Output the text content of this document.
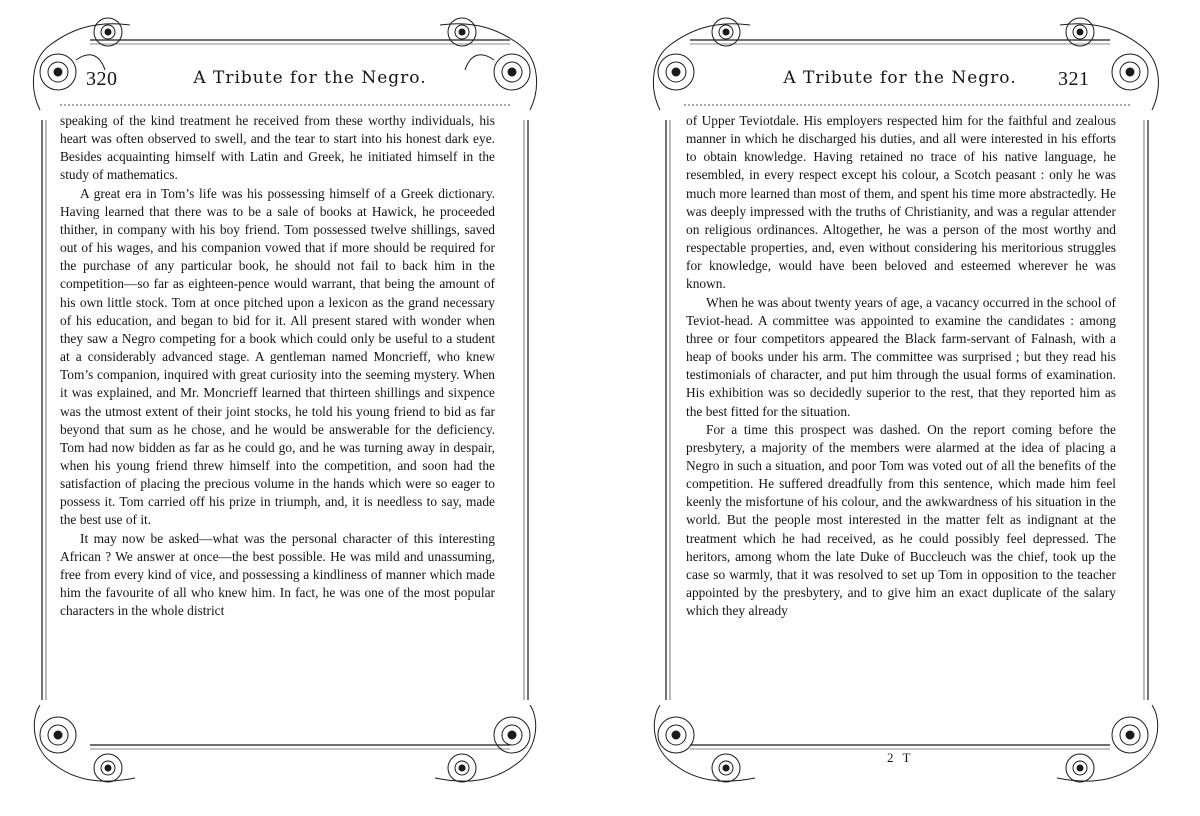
320	A Tribute for the Negro.

speaking of the kind treatment he received from these worthy individuals, his heart was often observed to swell, and the tear to start into his honest dark eye. Besides acquainting himself with Latin and Greek, he initiated himself in the study of mathematics.

A great era in Tom’s life was his possessing himself of a Greek dictionary. Having learned that there was to be a sale of books at Hawick, he proceeded thither, in company with his boy friend. Tom possessed twelve shillings, saved out of his wages, and his companion vowed that if more should be required for the purchase of any particular book, he should not fail to back him in the competition—so far as eighteen-pence would warrant, that being the amount of his own little stock. Tom at once pitched upon a lexicon as the grand necessary of his education, and began to bid for it. All present stared with wonder when they saw a Negro competing for a book which could only be useful to a student at a considerably advanced stage. A gentleman named Moncrieff, who knew Tom’s companion, inquired with great curiosity into the seeming mystery. When it was explained, and Mr. Moncrieff learned that thirteen shillings and sixpence was the utmost extent of their joint stocks, he told his young friend to bid as far beyond that sum as he chose, and he would be answerable for the deficiency. Tom had now bidden as far as he could go, and he was turning away in despair, when his young friend threw himself into the competition, and soon had the satisfaction of placing the precious volume in the hands which were so eager to possess it. Tom carried off his prize in triumph, and, it is needless to say, made the best use of it.

It may now be asked—what was the personal character of this interesting African ? We answer at once—the best possible. He was mild and unassuming, free from every kind of vice, and possessing a kindliness of manner which made him the favourite of all who knew him. In fact, he was one of the most popular characters in the whole district

A Tribute for the Negro.	321

of Upper Teviotdale. His employers respected him for the faithful and zealous manner in which he discharged his duties, and all were interested in his efforts to obtain knowledge. Having retained no trace of his native language, he resembled, in every respect except his colour, a Scotch peasant : only he was much more learned than most of them, and spent his time more abstractedly. He was deeply impressed with the truths of Christianity, and was a regular attender on religious ordinances. Altogether, he was a person of the most worthy and respectable properties, and, even without considering his meritorious struggles for knowledge, would have been beloved and esteemed wherever he was known.

When he was about twenty years of age, a vacancy occurred in the school of Teviot-head. A committee was appointed to examine the candidates : among three or four competitors appeared the Black farm-servant of Falnash, with a heap of books under his arm. The committee was surprised ; but they read his testimonials of character, and put him through the usual forms of examination. His exhibition was so decidedly superior to the rest, that they reported him as the best fitted for the situation.

For a time this prospect was dashed. On the report coming before the presbytery, a majority of the members were alarmed at the idea of placing a Negro in such a situation, and poor Tom was voted out of all the benefits of the competition. He suffered dreadfully from this sentence, which made him feel keenly the misfortune of his colour, and the awkwardness of his situation in the world. But the people most interested in the matter felt as indignant at the treatment which he had received, as he could possibly feel depressed. The heritors, among whom the late Duke of Buccleuch was the chief, took up the case so warmly, that it was resolved to set up Tom in opposition to the teacher appointed by the presbytery, and to give him an exact duplicate of the salary which they already

2 T
